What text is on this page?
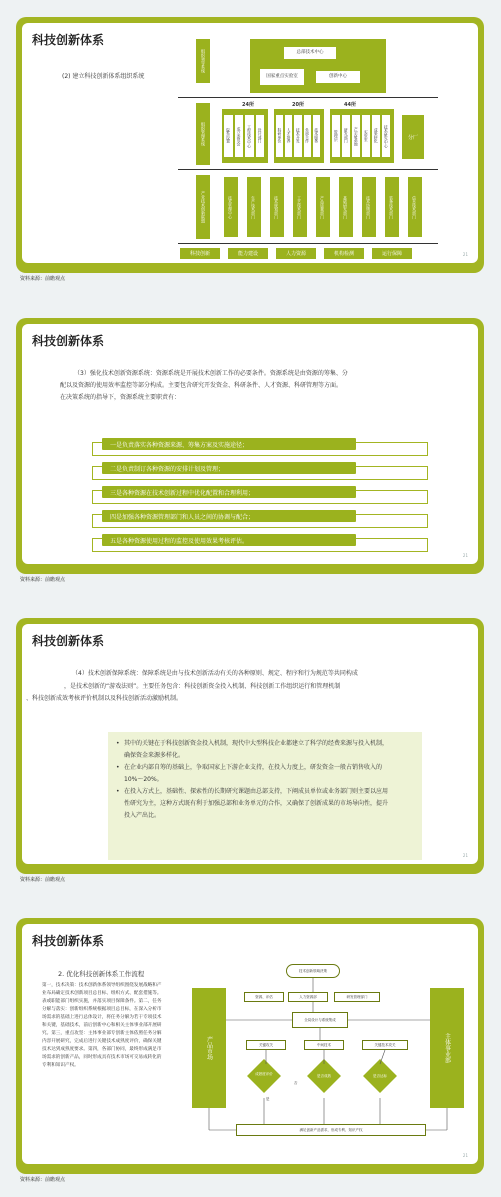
科技创新体系
(2) 建立科技创新体系组织系统
组织领导系统
组织管理系统
产业技术创新联盟
总部技术中心
国家重点实验室	创新中心
24所	20所	44所
院系设置	成立委员会	工程技术中心	设计部门	科研单位	人才培养	技术开发	外部合作	技术服务	管理层	研发部门	产学研基地	实验室	成果转化	技术研究中心	分厂
技术管理中心	生产技术部门	技术规划部门	工艺技术部门	产品质量部门	基础研发部门	技术协调部门	装备技术部门	信息技术部门
科技创新	能力建设	人力资源	机构检测	运行保障	21
资料来源：前瞻观点
科技创新体系
（3）强化技术创新资源系统：资源系统是开展技术创新工作的必要条件。资源系统是由资源的筹集、分
配以及资源的使用效率监控等部分构成。主要包含研究开发资金、科研条件、人才资源、科研管理等方面。
在决策系统的指导下，资源系统主要职责有：
一是负责落实各种资源来源、筹集方案及实施途径；
二是负责制订各种资源的安排计划及管理；
三是各种资源在技术创新过程中优化配置和合理利用；
四是加强各种资源管理部门和人员之间的协调与配合；
五是各种资源使用过程的监控及使用效果考核评估。
21
资料来源：前瞻观点
科技创新体系
（4）技术创新保障系统：保障系统是由与技术创新活动有关的各种原则、规定、程序和行为规范等共同构成
，是技术创新的“游戏法则”。主要任务包含：科技创新资金投入机制、科技创新工作组织运行和管理机制
、科技创新成效考核评价机制以及科技创新活动激励机制。
• 其中的关键在于科技创新资金投入机制，现代中大型科技企业都建立了科学的经费来源与投入机制，
确保资金来源多样化。
• 在企业内部自筹的基础上，争取国家上下游企业支持，在投入力度上，研发资金一般占销售收入的
10%～20%。
• 在投入方式上，基础性、探索性的长期研究课题由总部支持，下阐成员单位或业务部门则主要以应用
性研究为主，这种方式既有利于加强总部和业务单元的合作，又确保了创新成果的市场导向性，提升
投入产出比。
21
资料来源：前瞻观点
科技创新体系
2. 优化科技创新体系工作流程
第一，技术决策：技术创新体系领导组织围绕发展战略和产业布局确定技术创新项目总目标、组织方式、配套措施等。表或职能部门组织实施，并落实项目保障条件。第二，任务分解与落实：创新组织系统根据项目总目标，在深入分析市场需求的基础上进行总体设计，将任务分解为若干专项技术和关键，基础技术，前后创新中心和相关主体事业部开展研究。第三，重点攻坚：主体事业部专创新主体依照任务分解内容开展研究，完成后进行关键技术成熟度评价，确保关键技术达到成熟度要求。第四，各部门协同，最终形成满足市场需求的创新产品，同时形成具有技术市场可交易成转化的专利和知识产权。
技术创新领域決策
产品市场	主体事业部
资源、评估	人力资源部	研发管理部门
全局设计与系统集成
关键攻关	中间技术	关键技术攻关
成熟度评价	是否成熟	是否达标
是
否
满足创新产品需求，形成专利、知识产权
21
资料来源：前瞻观点
